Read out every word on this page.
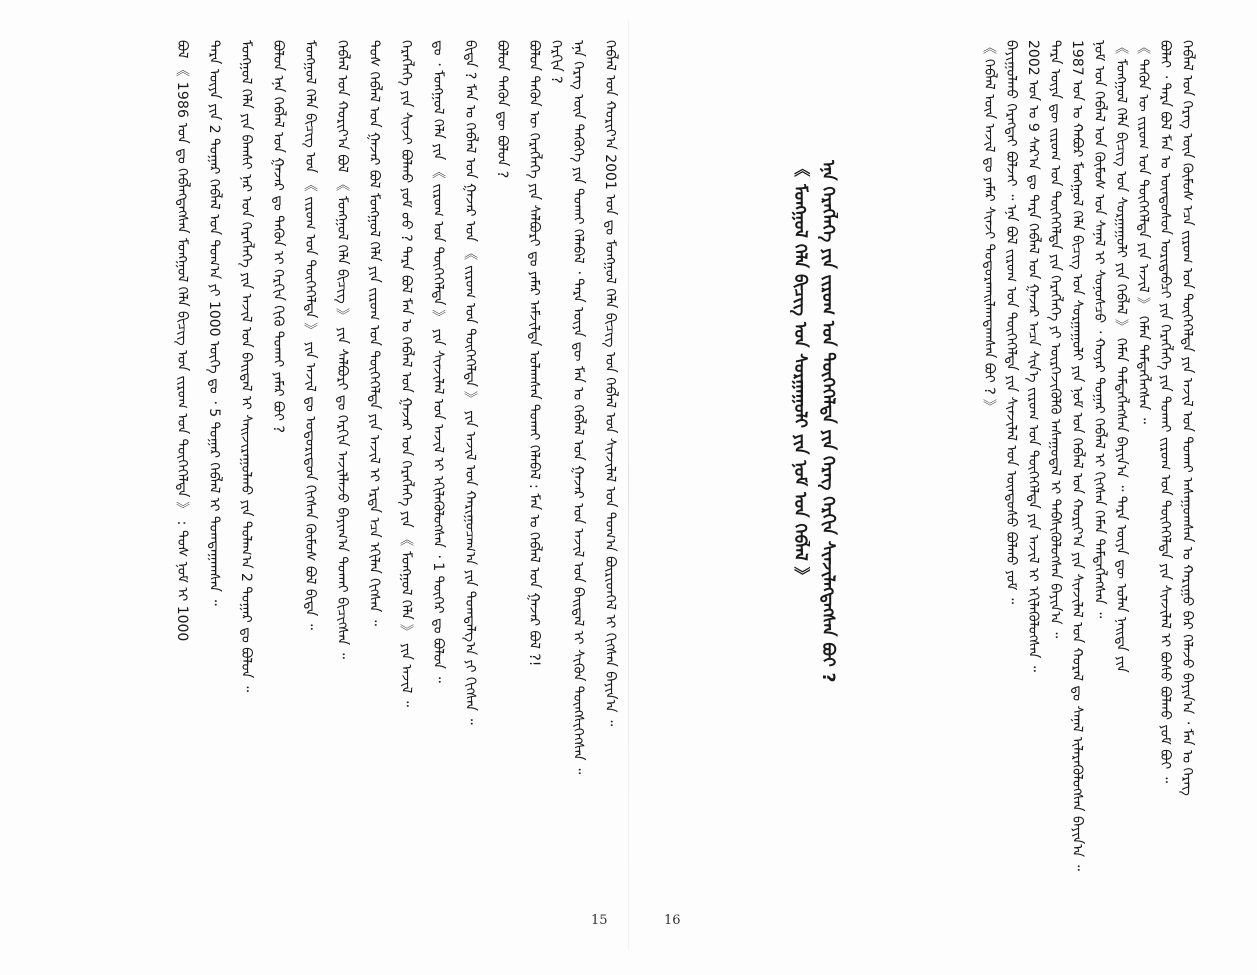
ᠬᠡᠪᠯᠡᠯ ᠤᠨ ᠬᠡᠷᠡᠭ ᠦᠨ ᠬᠦᠮᠦᠰ ᠡᠴᠡ ᠵᠢᠷᠤᠭ ᠤᠨ ᠲᠦᠭᠡᠭᠡᠯᠲᠡ ᠶᠢᠨ ᠠᠵᠢᠯ ᠤᠨ ᠲᠤᠬᠠᠢ ᠠᠰᠠᠭᠤᠭᠰᠠᠨ ᠤ ᠬᠠᠷᠢᠭᠤ ᠪᠠᠷ ᠬᠡᠯᠡᠵᠦ ᠪᠠᠶᠢᠨ᠎ᠠ ᠂ ᠮᠠᠨ ᠤ ᠬᠡᠷᠡᠭ
ᠪᠣᠯᠠᠢ ᠂ ᠲᠡᠷᠡ ᠪᠣᠯ ᠮᠠᠨ ᠤ ᠦᠨᠳᠦᠰᠦᠨ ᠤᠷᠢᠳᠠᠪᠴᠢ ᠶᠢᠨ ᠬᠡᠷᠡᠭᠯᠡᠭᠡ ᠶᠢᠨ ᠲᠤᠬᠠᠢ ᠵᠢᠷᠤᠭ ᠤᠨ ᠲᠦᠭᠡᠭᠡᠯᠲᠡ ᠶᠢᠨ ᠰᠢᠨᠵᠢᠯᠡᠯ ᠢ ᠪᠤᠰᠤ ᠪᠣᠯᠬᠤ ᠶᠤᠮ ᠪᠤᠢ ᠃
《 ᠲᠡᠭᠦᠨ ᠦ ᠵᠢᠷᠤᠭ ᠤᠨ ᠲᠦᠭᠡᠭᠡᠯᠲᠡ ᠶᠢᠨ ᠠᠵᠢᠯ 》 ᠬᠡᠮᠡᠨ ᠲᠡᠮᠳᠡᠭᠯᠡᠭᠰᠡᠨ ᠃
《 ᠮᠣᠩᠭᠣᠯ ᠬᠡᠯᠡ ᠪᠢᠴᠢᠭ ᠤᠨ ᠰᠤᠷᠭᠠᠭᠤᠯᠢ ᠶᠢᠨ ᠬᠡᠪᠯᠡᠯ 》 ᠬᠡᠮᠡᠨ ᠲᠡᠮᠳᠡᠭᠯᠡᠭᠰᠡᠨ ᠪᠠᠶᠢᠨ᠎ᠠ ᠃ ᠲᠡᠷᠡ ᠦᠶᠡ ᠳᠦ ᠣᠯᠠᠨ ᠨᠡᠢᠲᠡ ᠶᠢᠨ
ᠨᠣᠮ ᠤᠨ ᠬᠡᠪᠯᠡᠯ ᠤᠨ ᠬᠦᠮᠦᠰ ᠤᠨ ᠰᠠᠨᠠᠯ ᠢ ᠰᠣᠨᠣᠰᠴᠤ ᠂ ᠬᠣᠶᠠᠷ ᠳᠤᠭᠠᠷ ᠬᠡᠪᠯᠡᠯ ᠢ ᠬᠢᠭᠰᠡᠨ ᠬᠡᠮᠡᠨ ᠲᠡᠮᠳᠡᠭᠯᠡᠭᠰᠡᠨ ᠃
1987 ᠣᠨ ᠤ ᠬᠠᠪᠤᠷ ᠮᠣᠩᠭᠣᠯ ᠬᠡᠯᠡ ᠪᠢᠴᠢᠭ ᠤᠨ ᠰᠤᠷᠭᠠᠭᠤᠯᠢ ᠶᠢᠨ ᠨᠣᠮ ᠤᠨ ᠬᠡᠪᠯᠡᠯ ᠤᠨ ᠬᠣᠷᠢᠶ᠎ᠠ ᠶᠢᠨ ᠰᠢᠨᠵᠢᠯᠡᠯ ᠤᠨ ᠬᠤᠷᠠᠯ ᠳᠤ ᠰᠠᠨᠠᠯ ᠢᠯᠡᠷᠡᠭᠦᠯᠦᠭᠰᠡᠨ ᠪᠠᠶᠢᠨ᠎ᠠ ᠃
ᠲᠡᠷᠡ ᠦᠶᠡ ᠳᠦ ᠵᠢᠷᠤᠭ ᠤᠨ ᠲᠦᠭᠡᠭᠡᠯᠲᠡ ᠶᠢᠨ ᠬᠡᠷᠡᠭᠯᠡᠭᠡ ᠶᠢ ᠦᠷᠭᠡᠵᠢᠭᠦᠯᠬᠦ ᠠᠰᠠᠭᠤᠳᠠᠯ ᠢ ᠳᠡᠪᠰᠢᠭᠦᠯᠦᠭᠰᠡᠨ ᠪᠠᠶᠢᠨ᠎ᠠ ᠃
2002 ᠣᠨ ᠤ 9 ᠰᠠᠷ᠎ᠠ ᠳᠤ ᠲᠡᠷᠡ ᠬᠡᠪᠯᠡᠯ ᠤᠨ ᠭᠠᠵᠠᠷ ᠠᠴᠠ ᠰᠢᠨ᠎ᠡ ᠵᠢᠷᠤᠭ ᠤᠨ ᠲᠦᠭᠡᠭᠡᠯᠲᠡ ᠶᠢᠨ ᠠᠵᠢᠯ ᠢ ᠡᠬᠢᠯᠡᠭᠦᠯᠦᠭᠰᠡᠨ ᠃
ᠪᠠᠶᠢᠭᠤᠯᠬᠤ ᠬᠡᠷᠡᠭᠲᠡᠶ ᠪᠣᠯᠵᠠᠢ ᠃ ᠡᠨᠡ ᠪᠣᠯ ᠵᠢᠷᠤᠭ ᠤᠨ ᠲᠦᠭᠡᠭᠡᠯᠲᠡ ᠶᠢᠨ ᠰᠢᠨᠵᠢᠯᠡᠯ ᠤᠨ ᠦᠨᠳᠦᠰᠦ ᠪᠣᠯᠬᠤ ᠶᠤᠮ ᠃
《 ᠬᠡᠪᠯᠡᠯ ᠦᠨ ᠠᠵᠢᠯ ᠳᠤ ᠶᠠᠮᠠᠷ ᠰᠢᠨᠵᠢ ᠲᠣᠳᠣᠷᠬᠠᠢᠯᠠᠭᠳᠠᠭᠰᠠᠨ ᠪᠤᠢ ? 》
ᠡᠨᠡ ᠬᠡᠷᠡᠭᠯᠡᠭᠡ ᠶᠢᠨ ᠵᠢᠷᠤᠭ ᠤᠨ ᠲᠦᠭᠡᠭᠡᠯᠲᠡ ᠶᠢᠨ ᠬᠡᠷᠡᠭ ᠬᠡᠷᠬᠢᠨ ᠰᠢᠨᠵᠢᠯᠡᠭᠳᠡᠭᠰᠡᠨ ᠪᠤᠢ ?
《 ᠮᠣᠩᠭᠣᠯ ᠬᠡᠯᠡ ᠪᠢᠴᠢᠭ ᠤᠨ ᠰᠤᠷᠭᠠᠭᠤᠯᠢ ᠶᠢᠨ ᠨᠣᠮ ᠤᠨ ᠬᠡᠪᠯᠡᠯ 》
ᠬᠡᠪᠯᠡᠯ ᠤᠨ ᠬᠣᠷᠢᠶ᠎ᠠ 2001 ᠣᠨ ᠳᠤ ᠮᠣᠩᠭᠣᠯ ᠬᠡᠯᠡ ᠪᠢᠴᠢᠭ ᠤᠨ ᠬᠡᠪᠯᠡᠯ ᠤᠨ ᠰᠢᠨᠵᠢᠯᠡᠯ ᠤᠨ ᠲᠣᠭ᠎ᠠ ᠪᠦᠷᠢᠳᠬᠡᠯ ᠢ ᠬᠢᠭᠰᠡᠨ ᠪᠠᠶᠢᠨ᠎ᠠ ᠃
ᠡᠨᠡ ᠬᠡᠷᠡᠭ ᠦᠨ ᠲᠡᠭᠦᠬᠡ ᠶᠢᠨ ᠲᠤᠬᠠᠢ ᠬᠡᠯᠡᠪᠡᠯ ᠂ ᠲᠡᠷᠡ ᠦᠶᠡ ᠳᠦ ᠮᠠᠨ ᠤ ᠬᠡᠪᠯᠡᠯ ᠤᠨ ᠭᠠᠵᠠᠷ ᠤᠨ ᠠᠵᠢᠯ ᠤᠨ ᠪᠠᠢᠳᠠᠯ ᠢ ᠰᠢᠭᠦᠨ ᠳᠦᠩᠰᠢᠭᠡᠭᠰᠡᠨ ᠃
ᠬᠡᠷᠬᠢᠨ ?
ᠪᠣᠯᠤᠨ ᠲᠡᠭᠦᠨ ᠦ ᠬᠡᠷᠡᠭᠯᠡᠭᠡ ᠶᠢᠨ ᠰᠠᠯᠪᠤᠷᠢ ᠳᠤ ᠶᠠᠮᠠᠷ ᠠᠮᠵᠢᠯᠲᠠ ᠣᠯᠠᠭᠰᠠᠨ ᠲᠤᠬᠠᠢ ᠬᠡᠯᠡᠪᠡᠯ : ᠮᠠᠨ ᠤ ᠬᠡᠪᠯᠡᠯ ᠤᠨ ᠭᠠᠵᠠᠷ ᠪᠣᠯ ?!
ᠪᠣᠯᠤᠨ ᠲᠡᠭᠦᠨ ᠳᠦ ᠪᠣᠯᠤᠨ ?
ᠪᠢᠳᠡ ? ᠮᠠᠨ ᠤ ᠬᠡᠪᠯᠡᠯ ᠤᠨ ᠭᠠᠵᠠᠷ ᠤᠨ 《 ᠵᠢᠷᠤᠭ ᠤᠨ ᠲᠦᠭᠡᠭᠡᠯᠲᠡ 》 ᠶᠢᠨ ᠠᠵᠢᠯ ᠤᠨ ᠬᠠᠷᠢᠭᠤᠴᠠᠭ᠎ᠠ ᠶᠢᠨ ᠲᠣᠭᠲᠠᠯᠭ᠎ᠠ ᠶᠢ ᠬᠢᠭᠰᠡᠨ ᠃
ᠳᠤ ᠂ ᠮᠣᠩᠭᠣᠯ ᠬᠡᠯᠡ ᠶᠢᠨ 《 ᠵᠢᠷᠤᠭ ᠤᠨ ᠲᠦᠭᠡᠭᠡᠯᠲᠡ 》 ᠶᠢᠨ ᠰᠢᠨᠵᠢᠯᠡᠯ ᠤᠨ ᠠᠵᠢᠯ ᠢ ᠡᠬᠢᠯᠡᠭᠦᠯᠦᠭᠰᠡᠨ ᠂ 1 ᠳᠦᠭᠡᠷ ᠳᠤ ᠪᠣᠯᠤᠨ ᠃
ᠬᠡᠷᠡᠭᠯᠡᠭᠡ ᠶᠢᠨ ᠰᠢᠨᠵᠢ ᠪᠣᠯᠬᠤ ᠶᠤᠮ ᠤᠤ ? ᠲᠡᠷᠡ ᠪᠣᠯ ᠮᠠᠨ ᠤ ᠬᠡᠪᠯᠡᠯ ᠤᠨ ᠭᠠᠵᠠᠷ ᠤᠨ ᠬᠡᠷᠡᠭᠯᠡᠭᠡ ᠶᠢᠨ 《 ᠮᠣᠩᠭᠣᠯ ᠬᠡᠯᠡ 》 ᠶᠢᠨ ᠠᠵᠢᠯ ᠃
ᠲᠤᠰ ᠬᠡᠪᠯᠡᠯ ᠤᠨ ᠭᠠᠵᠠᠷ ᠪᠣᠯ ᠮᠣᠩᠭᠣᠯ ᠬᠡᠯᠡ ᠶᠢᠨ ᠵᠢᠷᠤᠭ ᠤᠨ ᠲᠦᠭᠡᠭᠡᠯᠲᠡ ᠶᠢᠨ ᠠᠵᠢᠯ ᠢ ᠡᠷᠲᠡ ᠡᠴᠡ ᠡᠬᠢᠯᠡᠨ ᠬᠢᠭᠰᠡᠨ ᠃
ᠬᠡᠪᠯᠡᠯ ᠤᠨ ᠬᠣᠷᠢᠶ᠎ᠠ ᠪᠣᠯ 《 ᠮᠣᠩᠭᠣᠯ ᠬᠡᠯᠡ ᠪᠢᠴᠢᠭ 》 ᠶᠢᠨ ᠰᠠᠯᠪᠤᠷᠢ ᠳᠤ ᠬᠡᠷᠬᠢᠨ ᠠᠵᠢᠯᠯᠠᠵᠤ ᠪᠠᠶᠢᠭ᠎ᠠ ᠲᠤᠬᠠᠢ ᠪᠢᠴᠢᠭᠰᠡᠨ ᠃
ᠮᠣᠩᠭᠣᠯ ᠬᠡᠯᠡ ᠪᠢᠴᠢᠭ ᠤᠨ 《 ᠵᠢᠷᠤᠭ ᠤᠨ ᠲᠦᠭᠡᠭᠡᠯᠲᠡ 》 ᠶᠢᠨ ᠠᠵᠢᠯ ᠳᠤ ᠤᠳᠤᠷᠢᠳᠤᠨ ᠬᠢᠭᠰᠡᠨ ᠬᠦᠮᠦᠰ ᠪᠣᠯ ᠪᠢᠳᠡ ᠃
ᠪᠣᠯᠤᠨ ᠡᠨᠡ ᠬᠡᠪᠯᠡᠯ ᠤᠨ ᠭᠠᠵᠠᠷ ᠳᠤ ᠲᠡᠭᠦᠨ ᠢ ᠬᠡᠷᠬᠢᠨ ᠬᠢᠬᠦ ᠲᠤᠬᠠᠢ ᠶᠠᠮᠠᠷ ᠪᠤᠢ ?
ᠮᠣᠩᠭᠣᠯ ᠬᠡᠯᠡ ᠶᠢᠨ ᠪᠠᠭᠰᠢ ᠨᠠᠷ ᠤᠨ ᠬᠡᠷᠡᠭᠯᠡᠭᠡ ᠶᠢᠨ ᠠᠵᠢᠯ ᠤᠨ ᠪᠠᠢᠳᠠᠯ ᠢ ᠰᠠᠢᠵᠢᠷᠠᠭᠤᠯᠬᠤ ᠶᠢᠨ ᠲᠤᠯᠠᠭ᠎ᠠ 2 ᠳᠤᠭᠠᠷ ᠳᠤ ᠪᠣᠯᠤᠨ ᠃
ᠲᠡᠷᠡ ᠦᠶᠡ ᠶᠢᠨ 2 ᠳᠤᠭᠠᠷ ᠬᠡᠪᠯᠡᠯ ᠤᠨ ᠲᠣᠭ᠎ᠠ ᠶᠢ 1000 ᠦᠭᠡ ᠳᠤ ᠂ 5 ᠳᠤᠭᠠᠷ ᠬᠡᠪᠯᠡᠯ ᠢ ᠲᠣᠭᠲᠠᠭᠠᠭᠰᠠᠨ ᠃
ᠪᠣᠯ 《 1986 ᠣᠨ ᠳᠤ ᠬᠡᠪᠯᠡᠭᠳᠡᠭᠰᠡᠨ ᠮᠣᠩᠭᠣᠯ ᠬᠡᠯᠡ ᠪᠢᠴᠢᠭ ᠤᠨ ᠵᠢᠷᠤᠭ ᠤᠨ ᠲᠦᠭᠡᠭᠡᠯᠲᠡ 》 : ᠲᠤᠰ ᠨᠣᠮ ᠢ 1000
15	16
